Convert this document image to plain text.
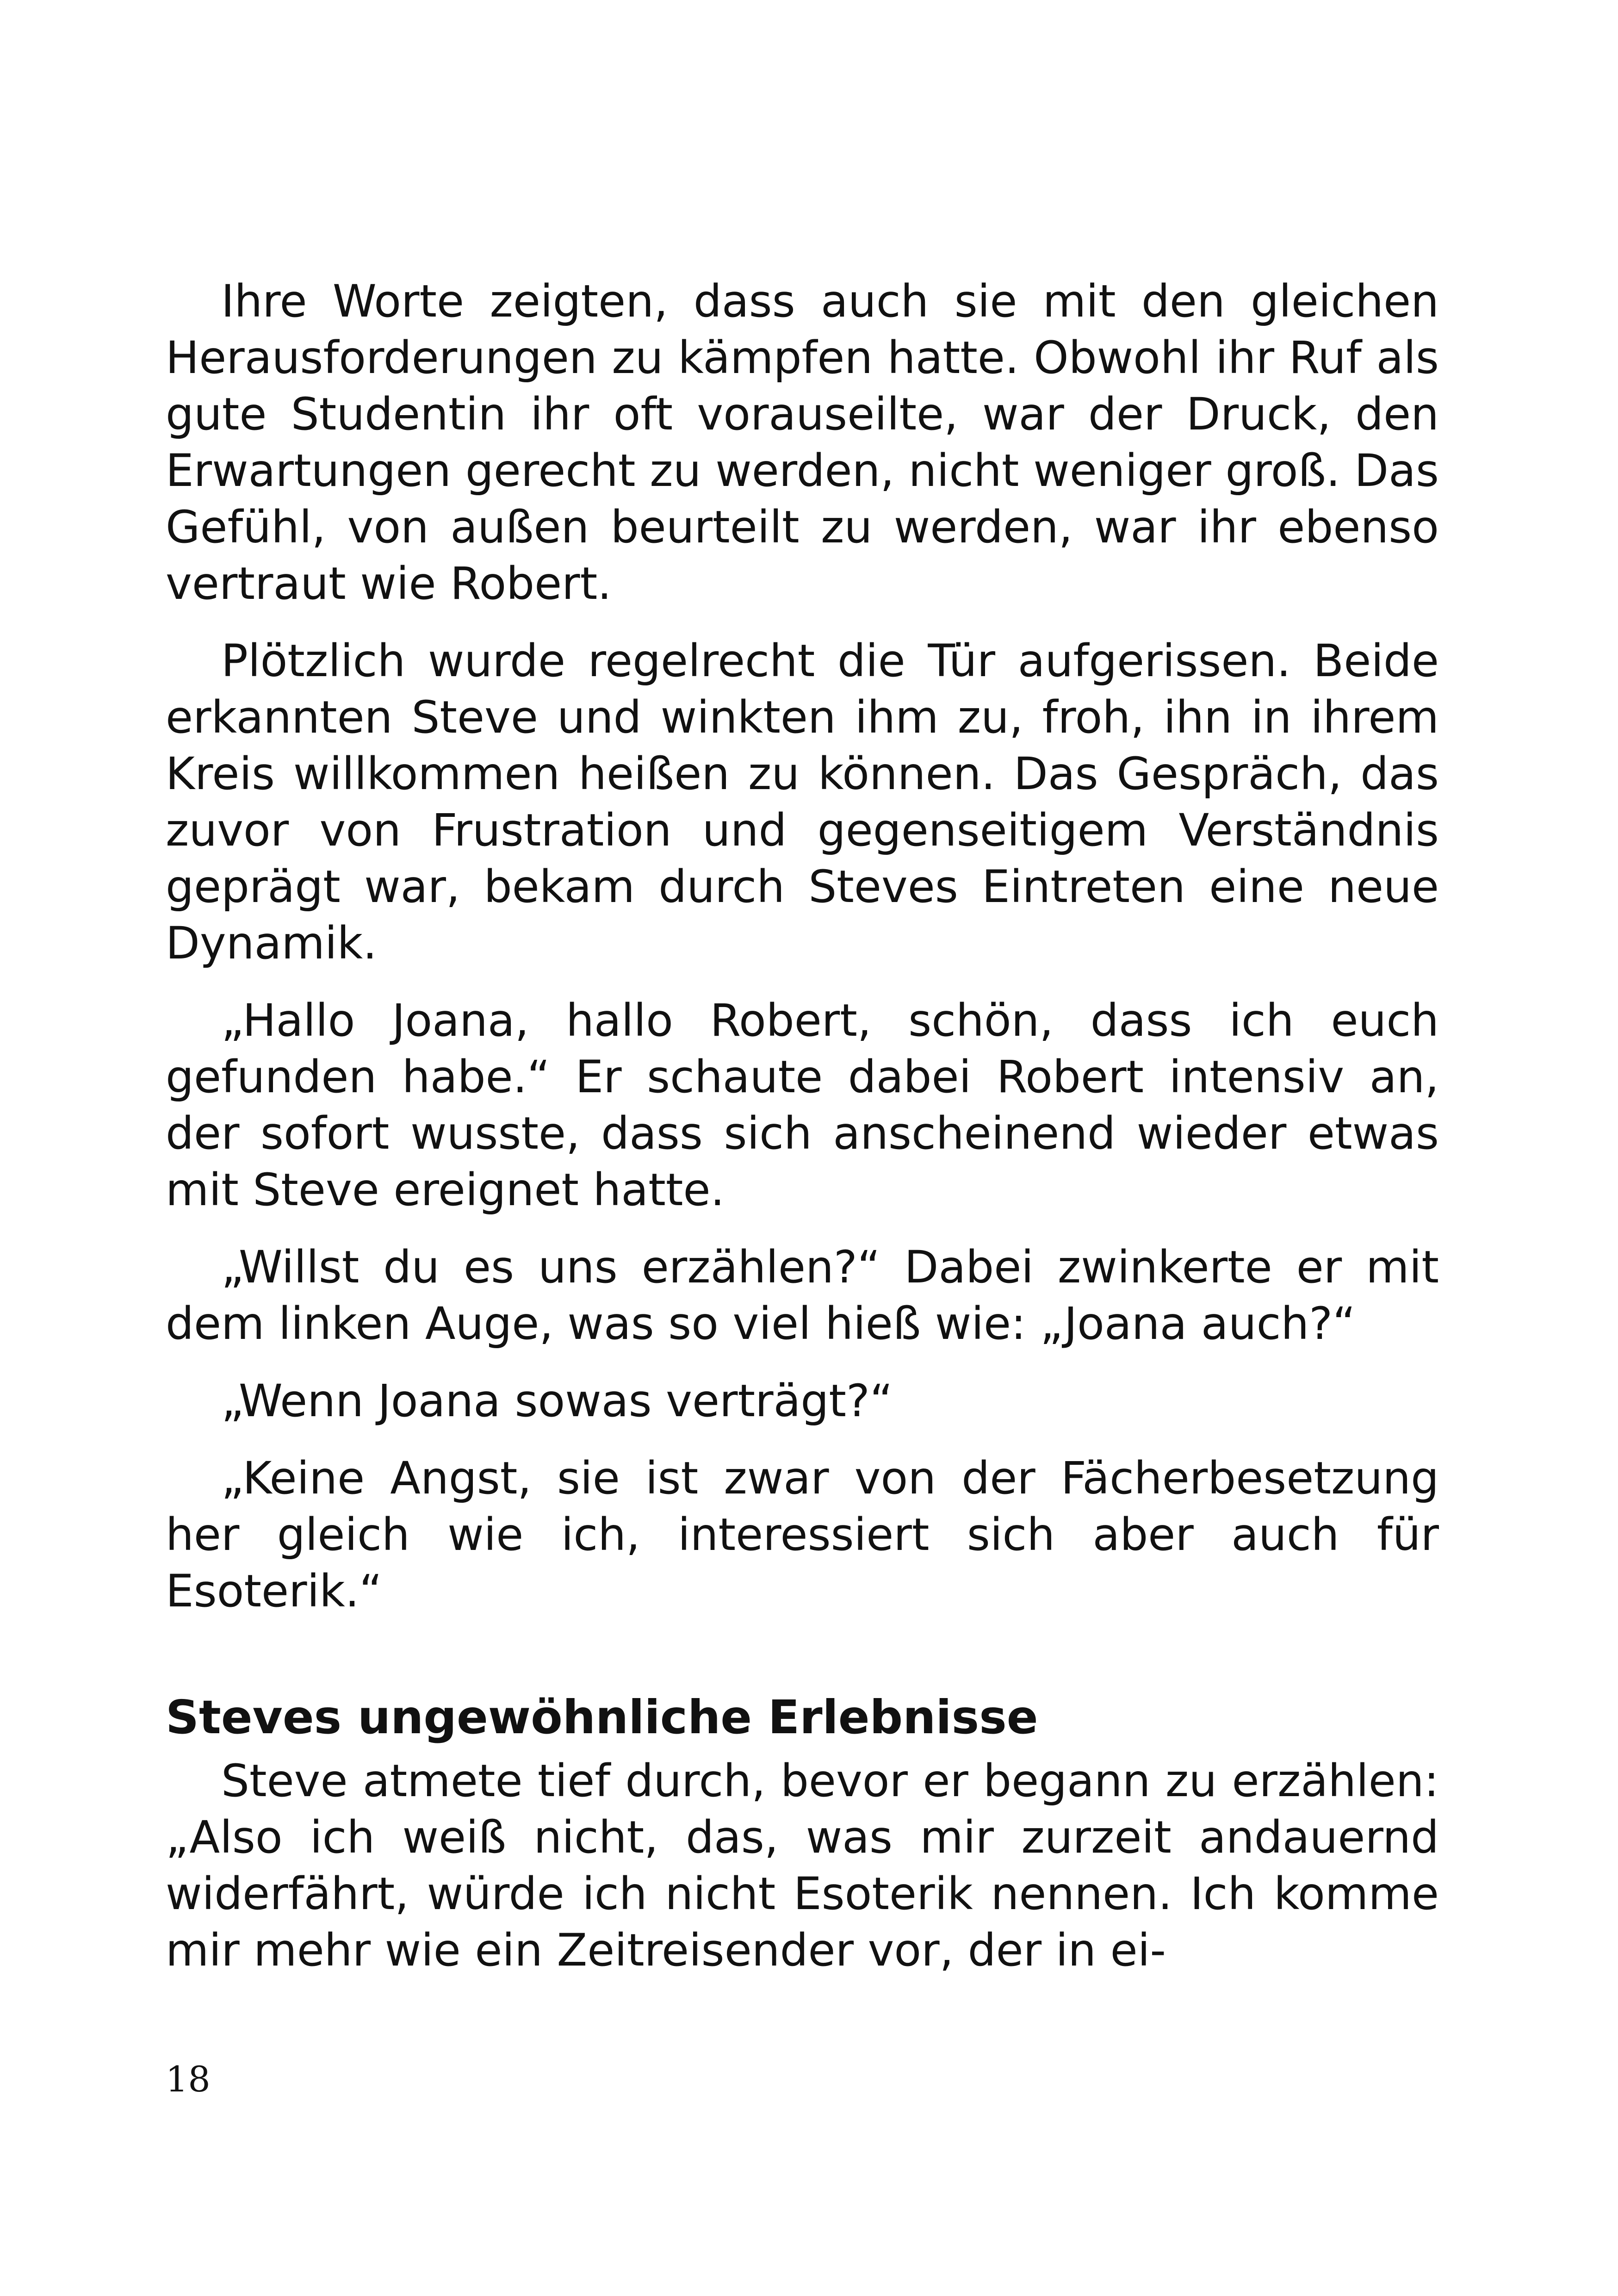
Ihre Worte zeigten, dass auch sie mit den gleichen Herausforderungen zu kämpfen hatte. Obwohl ihr Ruf als gute Studentin ihr oft vorauseilte, war der Druck, den Erwartungen gerecht zu werden, nicht weniger groß. Das Gefühl, von außen beurteilt zu werden, war ihr ebenso vertraut wie Robert.

Plötzlich wurde regelrecht die Tür aufgerissen. Beide erkannten Steve und winkten ihm zu, froh, ihn in ihrem Kreis willkommen heißen zu können. Das Gespräch, das zuvor von Frustration und gegenseitigem Verständnis geprägt war, bekam durch Steves Eintreten eine neue Dynamik.

„Hallo Joana, hallo Robert, schön, dass ich euch gefunden habe.“ Er schaute dabei Robert intensiv an, der sofort wusste, dass sich anscheinend wieder etwas mit Steve ereignet hatte.

„Willst du es uns erzählen?“ Dabei zwinkerte er mit dem linken Auge, was so viel hieß wie: „Joana auch?“

„Wenn Joana sowas verträgt?“

„Keine Angst, sie ist zwar von der Fächerbesetzung her gleich wie ich, interessiert sich aber auch für Esoterik.“

Steves ungewöhnliche Erlebnisse

Steve atmete tief durch, bevor er begann zu erzählen: „Also ich weiß nicht, das, was mir zurzeit andauernd widerfährt, würde ich nicht Esoterik nennen. Ich komme mir mehr wie ein Zeitreisender vor, der in ei-

18
